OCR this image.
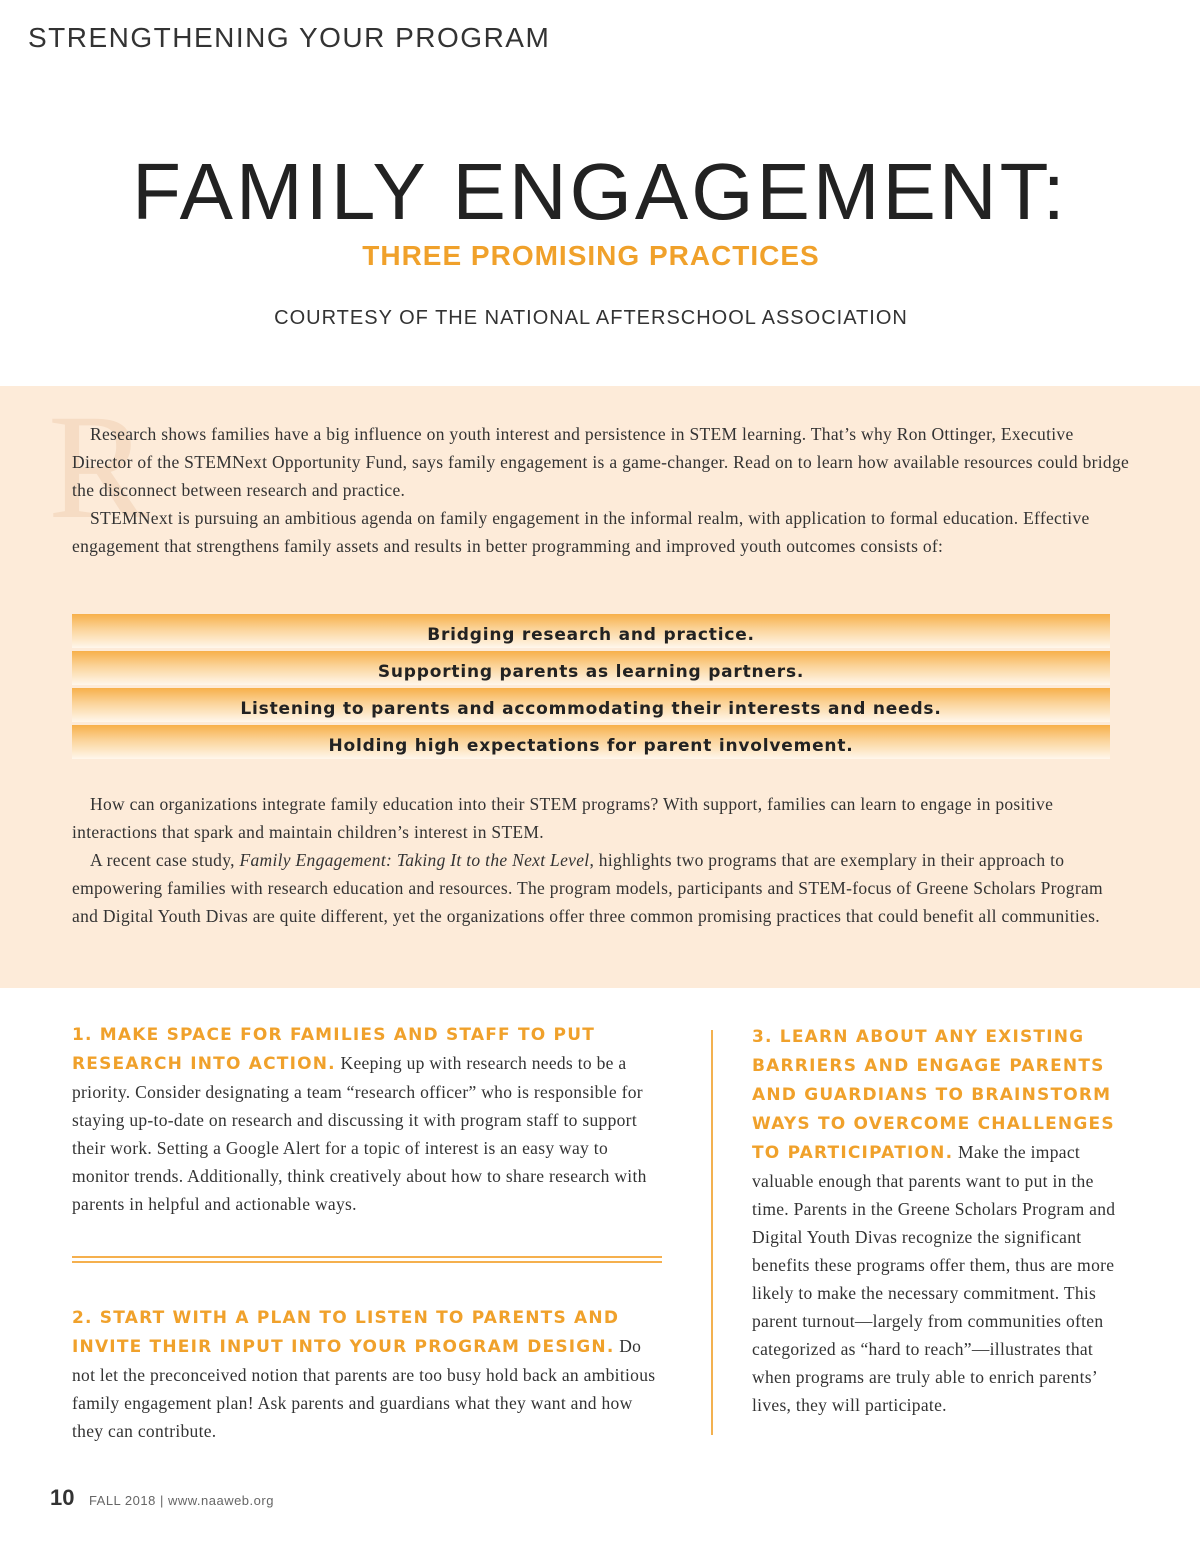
STRENGTHENING YOUR PROGRAM
FAMILY ENGAGEMENT:
THREE PROMISING PRACTICES
COURTESY OF THE NATIONAL AFTERSCHOOL ASSOCIATION
R

Research shows families have a big influence on youth interest and persistence in STEM learning. That’s why Ron Ottinger, Executive Director of the STEMNext Opportunity Fund, says family engagement is a game-changer. Read on to learn how available resources could bridge the disconnect between research and practice.

STEMNext is pursuing an ambitious agenda on family engagement in the informal realm, with application to formal education. Effective engagement that strengthens family assets and results in better programming and improved youth outcomes consists of:

Bridging research and practice.
Supporting parents as learning partners.
Listening to parents and accommodating their interests and needs.
Holding high expectations for parent involvement.

How can organizations integrate family education into their STEM programs? With support, families can learn to engage in positive interactions that spark and maintain children’s interest in STEM.

A recent case study, Family Engagement: Taking It to the Next Level, highlights two programs that are exemplary in their approach to empowering families with research education and resources. The program models, participants and STEM-focus of Greene Scholars Program and Digital Youth Divas are quite different, yet the organizations offer three common promising practices that could benefit all communities.

1. MAKE SPACE FOR FAMILIES AND STAFF TO PUT RESEARCH INTO ACTION. Keeping up with research needs to be a priority. Consider designating a team “research officer” who is responsible for staying up-to-date on research and discussing it with program staff to support their work. Setting a Google Alert for a topic of interest is an easy way to monitor trends. Additionally, think creatively about how to share research with parents in helpful and actionable ways.

2. START WITH A PLAN TO LISTEN TO PARENTS AND INVITE THEIR INPUT INTO YOUR PROGRAM DESIGN. Do not let the preconceived notion that parents are too busy hold back an ambitious family engagement plan! Ask parents and guardians what they want and how they can contribute.

3. LEARN ABOUT ANY EXISTING BARRIERS AND ENGAGE PARENTS AND GUARDIANS TO BRAINSTORM WAYS TO OVERCOME CHALLENGES TO PARTICIPATION. Make the impact valuable enough that parents want to put in the time. Parents in the Greene Scholars Program and Digital Youth Divas recognize the significant benefits these programs offer them, thus are more likely to make the necessary commitment. This parent turnout—largely from communities often categorized as “hard to reach”—illustrates that when programs are truly able to enrich parents’ lives, they will participate.

10 FALL 2018 | www.naaweb.org
